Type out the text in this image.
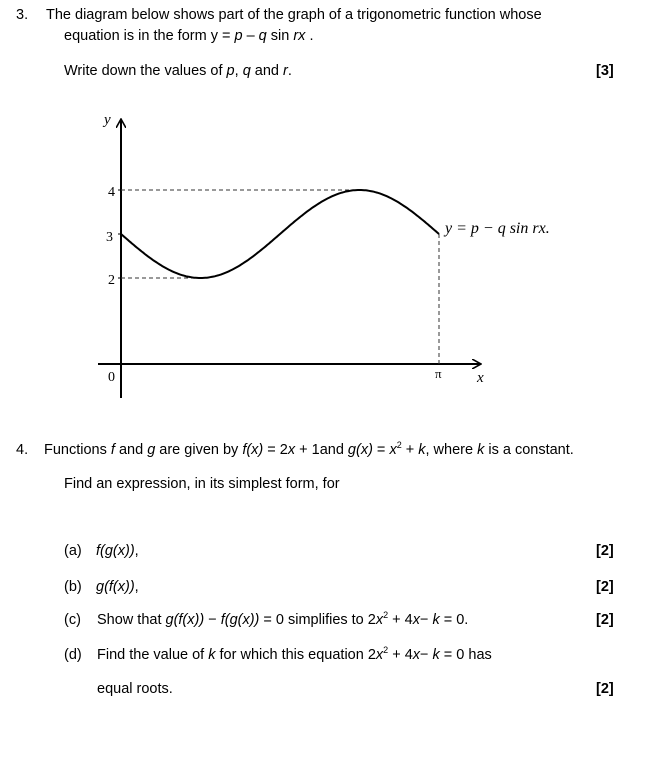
3. The diagram below shows part of the graph of a trigonometric function whose
equation is in the form y = p – q sin rx .
Write down the values of p, q and r.	[3]
y
x
0	π
4
3
2
y = p − q sin rx.
4. Functions f and g are given by f(x) = 2x + 1and $g(x) = x^2 + k$, where k is a constant.
Find an expression, in its simplest form, for
(a) f(g(x)),	[2]
(b) g(f(x)),	[2]
(c) Show that g(f(x)) − f(g(x)) = 0 simplifies to $2x^2 + 4x- k = 0$.	[2]
(d) Find the value of k for which this equation $2x^2 + 4x- k = 0$ has
equal roots.	[2]
